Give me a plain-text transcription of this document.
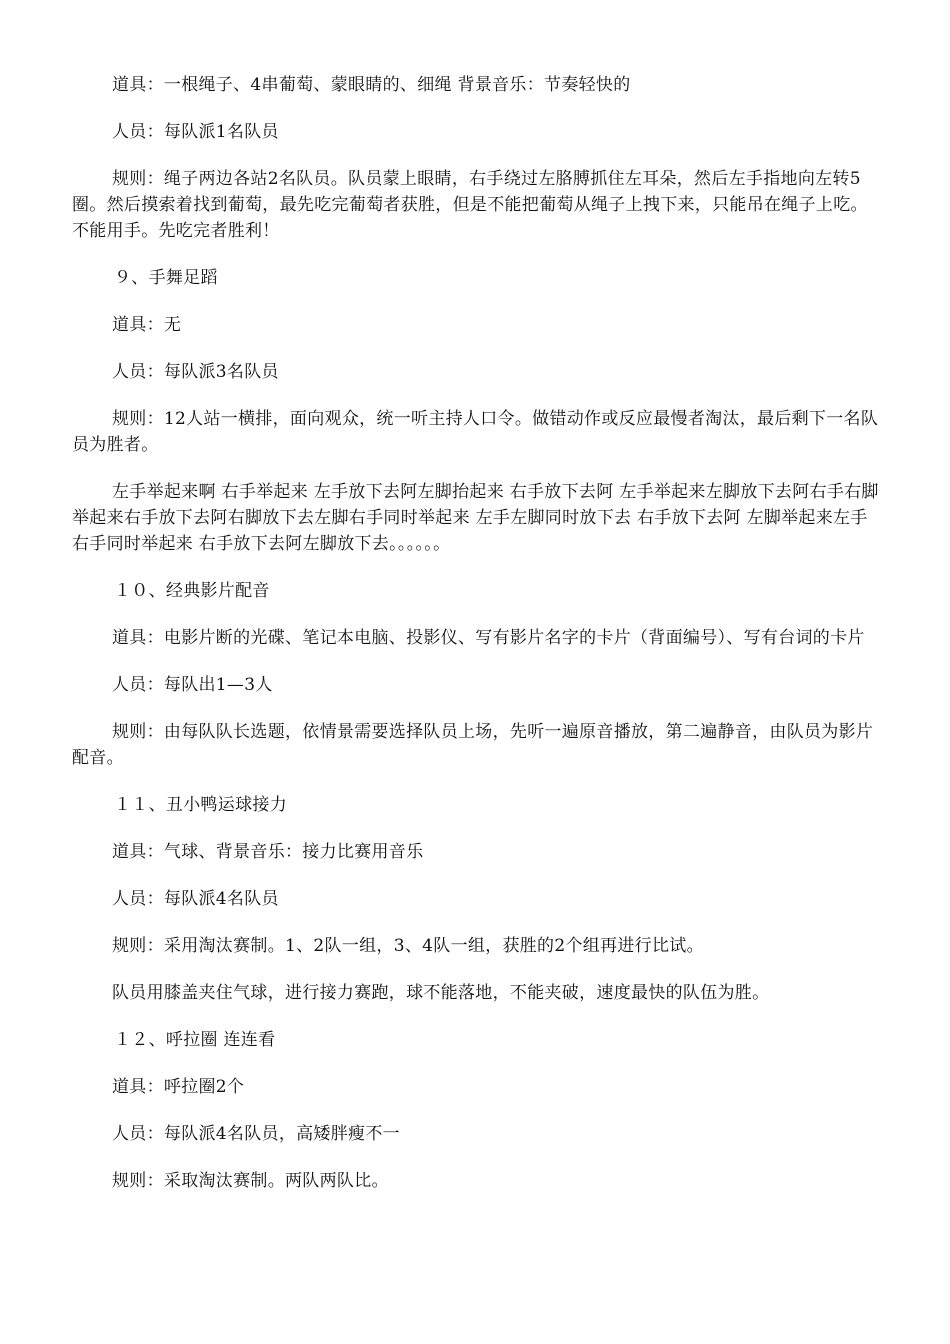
道具：一根绳子、4串葡萄、蒙眼睛的、细绳 背景音乐：节奏轻快的

人员：每队派1名队员

规则：绳子两边各站2名队员。队员蒙上眼睛，右手绕过左胳膊抓住左耳朵，然后左手指地向左转5圈。然后摸索着找到葡萄，最先吃完葡萄者获胜，但是不能把葡萄从绳子上拽下来，只能吊在绳子上吃。不能用手。先吃完者胜利！

９、手舞足蹈

道具：无

人员：每队派3名队员

规则：12人站一横排，面向观众，统一听主持人口令。做错动作或反应最慢者淘汰，最后剩下一名队员为胜者。

左手举起来啊 右手举起来 左手放下去阿左脚抬起来 右手放下去阿 左手举起来左脚放下去阿右手右脚举起来右手放下去阿右脚放下去左脚右手同时举起来 左手左脚同时放下去 右手放下去阿 左脚举起来左手右手同时举起来 右手放下去阿左脚放下去。。。。。。

１０、经典影片配音

道具：电影片断的光碟、笔记本电脑、投影仪、写有影片名字的卡片（背面编号）、写有台词的卡片

人员：每队出1—3人

规则：由每队队长选题，依情景需要选择队员上场，先听一遍原音播放，第二遍静音，由队员为影片配音。

１１、丑小鸭运球接力

道具：气球、背景音乐：接力比赛用音乐

人员：每队派4名队员

规则：采用淘汰赛制。1、2队一组，3、4队一组，获胜的2个组再进行比试。

队员用膝盖夹住气球，进行接力赛跑，球不能落地，不能夹破，速度最快的队伍为胜。

１２、呼拉圈 连连看

道具：呼拉圈2个

人员：每队派4名队员，高矮胖瘦不一

规则：采取淘汰赛制。两队两队比。
